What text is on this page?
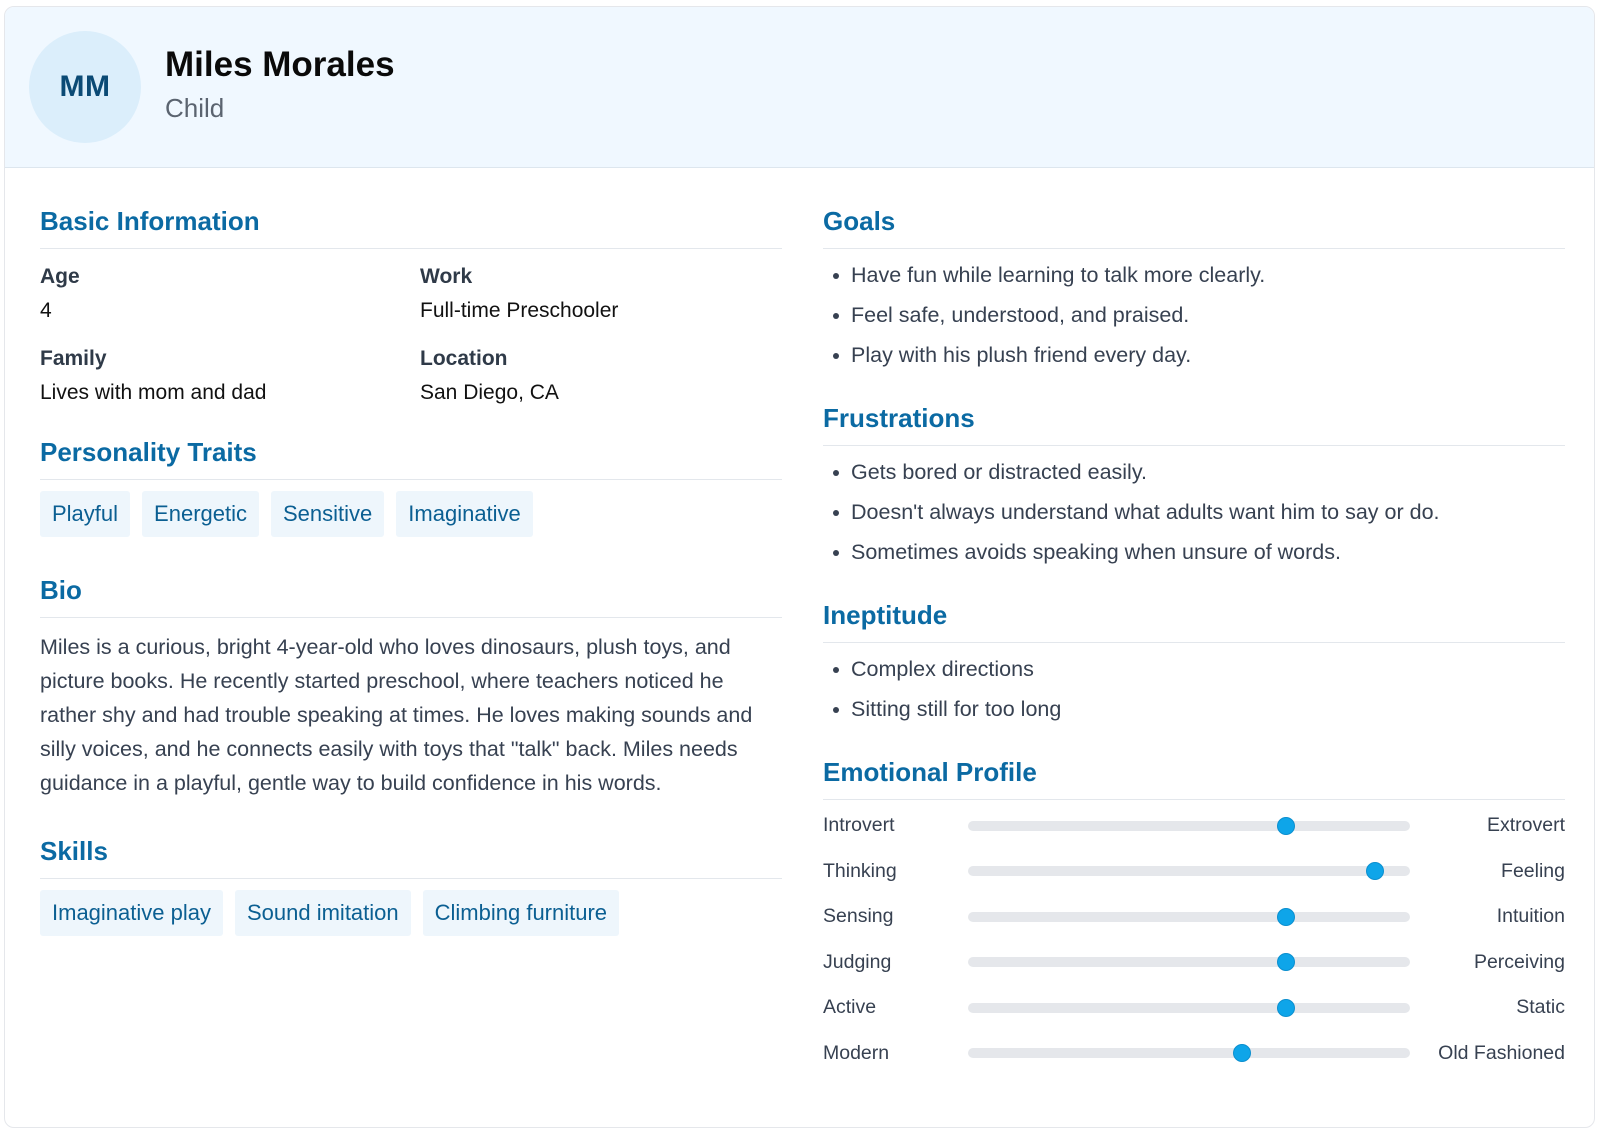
MM
Miles Morales
Child
Basic Information
Age
4
Work
Full-time Preschooler
Family
Lives with mom and dad
Location
San Diego, CA
Personality Traits
Playful	Energetic	Sensitive	Imaginative
Bio

Miles is a curious, bright 4-year-old who loves dinosaurs, plush toys, and picture books. He recently started preschool, where teachers noticed he rather shy and had trouble speaking at times. He loves making sounds and silly voices, and he connects easily with toys that "talk" back. Miles needs guidance in a playful, gentle way to build confidence in his words.

Skills
Imaginative play	Sound imitation	Climbing furniture
Goals
Have fun while learning to talk more clearly.
Feel safe, understood, and praised.
Play with his plush friend every day.
Frustrations
Gets bored or distracted easily.
Doesn't always understand what adults want him to say or do.
Sometimes avoids speaking when unsure of words.
Ineptitude
Complex directions
Sitting still for too long
Emotional Profile
Introvert	Extrovert
Thinking	Feeling
Sensing	Intuition
Judging	Perceiving
Active	Static
Modern	Old Fashioned
